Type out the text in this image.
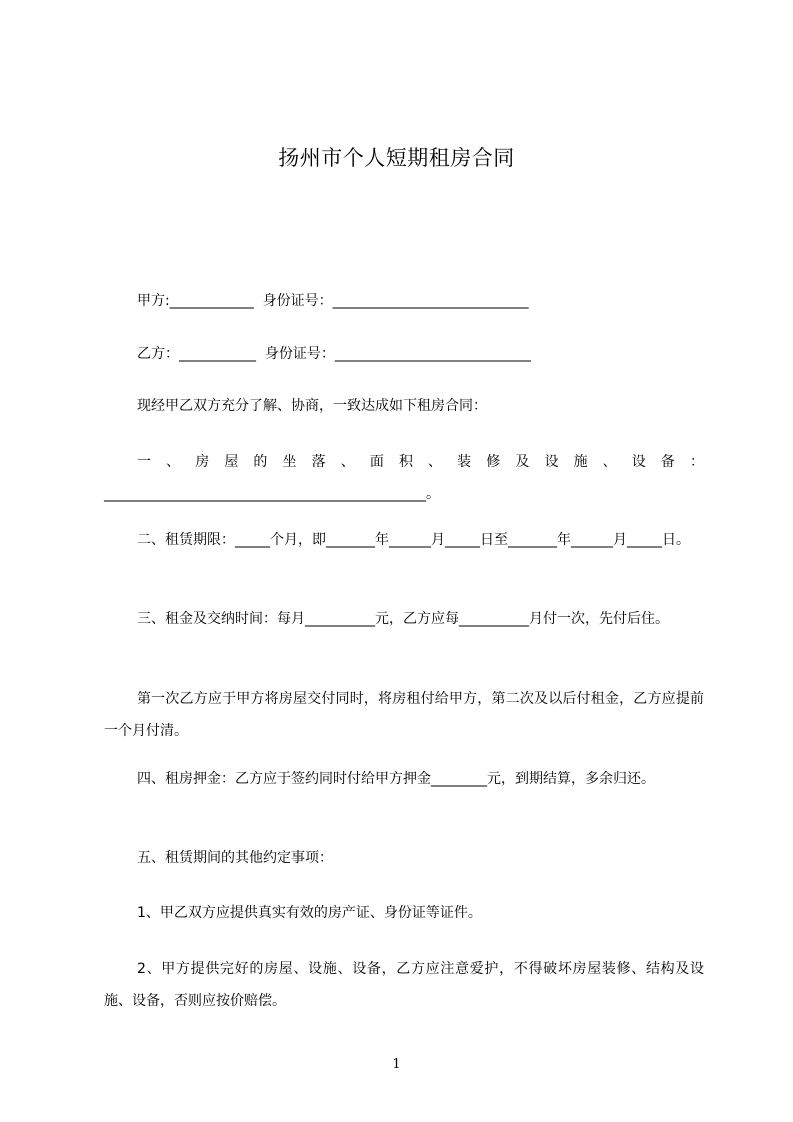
扬州市个人短期租房合同
甲方:____________  身份证号：____________________________
乙方：___________  身份证号：____________________________
现经甲乙双方充分了解、协商，一致达成如下租房合同：
一、房屋的坐落、面积、装修及设施、设备：______________________________________________。
二、租赁期限：_____个月，即_______年______月_____日至_______年______月_____日。
三、租金及交纳时间：每月__________元，乙方应每__________月付一次，先付后住。
第一次乙方应于甲方将房屋交付同时，将房租付给甲方，第二次及以后付租金，乙方应提前一个月付清。
四、租房押金：乙方应于签约同时付给甲方押金________元，到期结算，多余归还。
五、租赁期间的其他约定事项：
1、甲乙双方应提供真实有效的房产证、身份证等证件。
2、甲方提供完好的房屋、设施、设备，乙方应注意爱护，不得破坏房屋装修、结构及设施、设备，否则应按价赔偿。
1
